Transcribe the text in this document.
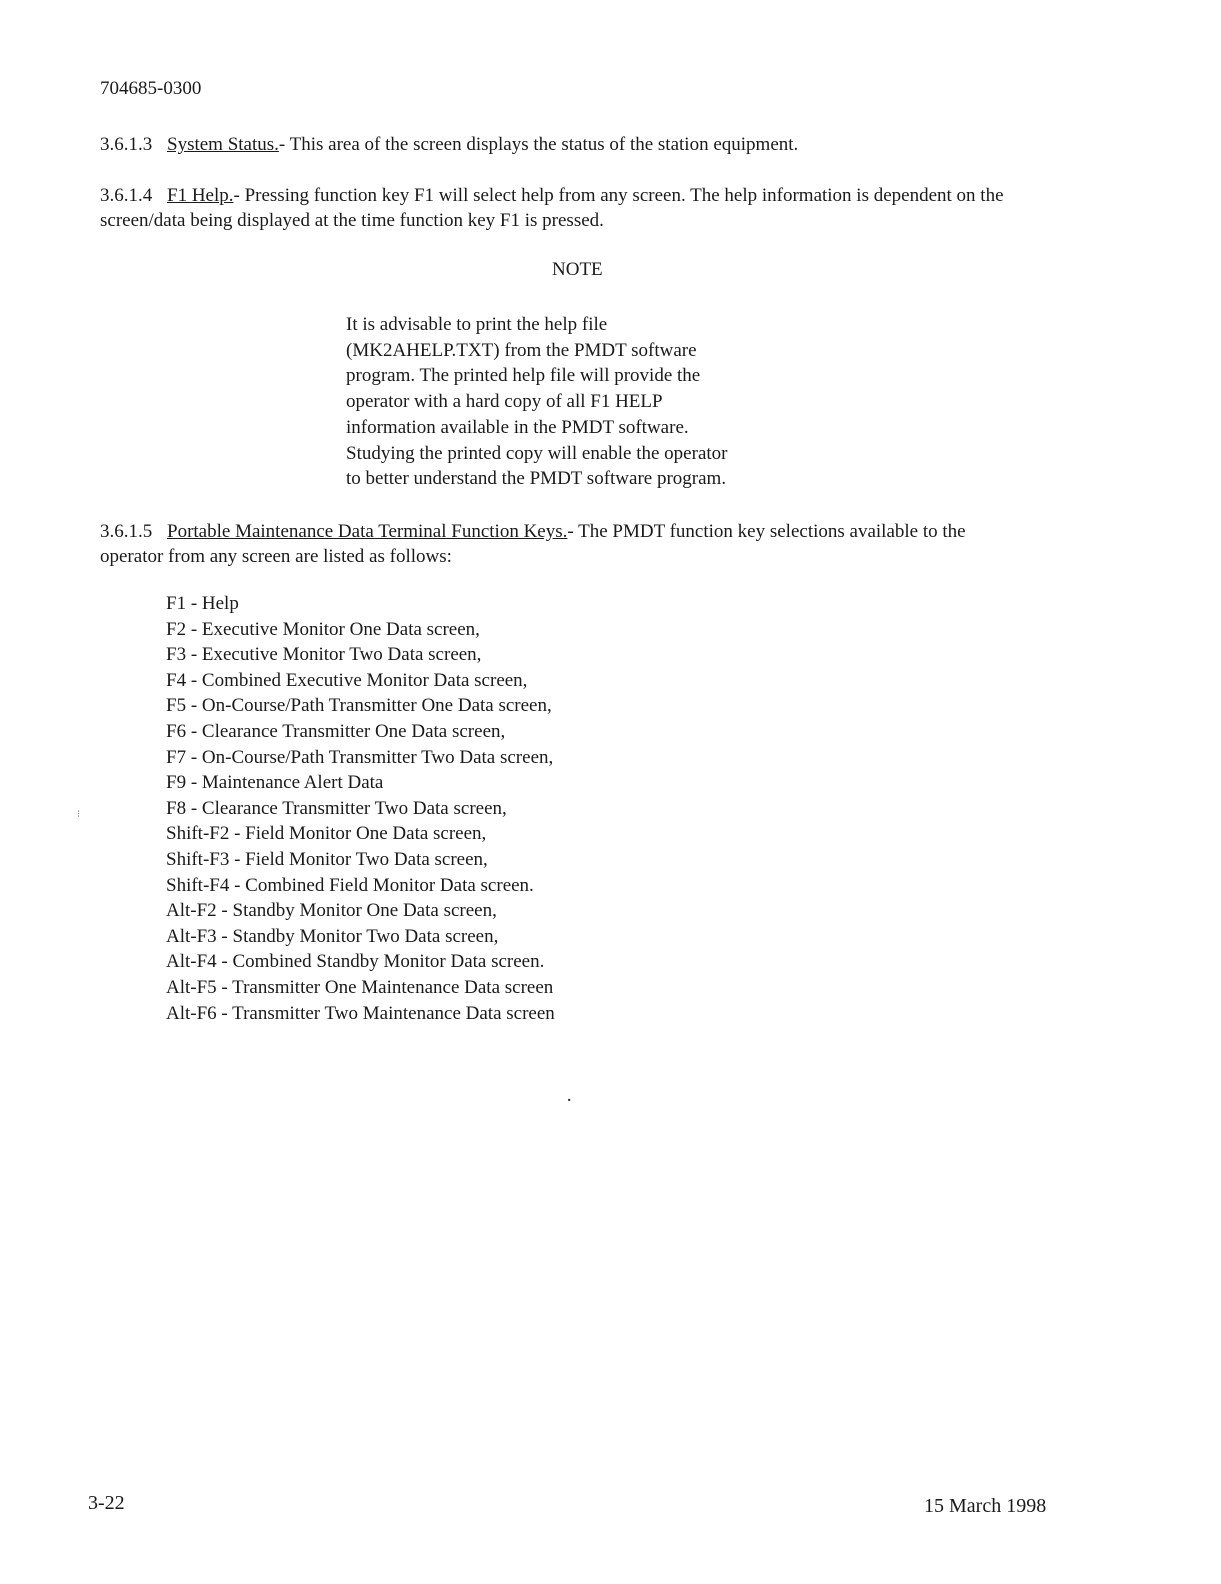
704685-0300
3.6.1.3 System Status.- This area of the screen displays the status of the station equipment.
3.6.1.4 F1 Help.- Pressing function key F1 will select help from any screen. The help information is dependent on the screen/data being displayed at the time function key F1 is pressed.
NOTE
It is advisable to print the help file
(MK2AHELP.TXT) from the PMDT software
program. The printed help file will provide the
operator with a hard copy of all F1 HELP
information available in the PMDT software.
Studying the printed copy will enable the operator
to better understand the PMDT software program.
3.6.1.5 Portable Maintenance Data Terminal Function Keys.- The PMDT function key selections available to the operator from any screen are listed as follows:
F1 - Help
F2 - Executive Monitor One Data screen,
F3 - Executive Monitor Two Data screen,
F4 - Combined Executive Monitor Data screen,
F5 - On-Course/Path Transmitter One Data screen,
F6 - Clearance Transmitter One Data screen,
F7 - On-Course/Path Transmitter Two Data screen,
F9 - Maintenance Alert Data
F8 - Clearance Transmitter Two Data screen,
Shift-F2 - Field Monitor One Data screen,
Shift-F3 - Field Monitor Two Data screen,
Shift-F4 - Combined Field Monitor Data screen.
Alt-F2 - Standby Monitor One Data screen,
Alt-F3 - Standby Monitor Two Data screen,
Alt-F4 - Combined Standby Monitor Data screen.
Alt-F5 - Transmitter One Maintenance Data screen
Alt-F6 - Transmitter Two Maintenance Data screen
⁝
·
3-22	15 March 1998
